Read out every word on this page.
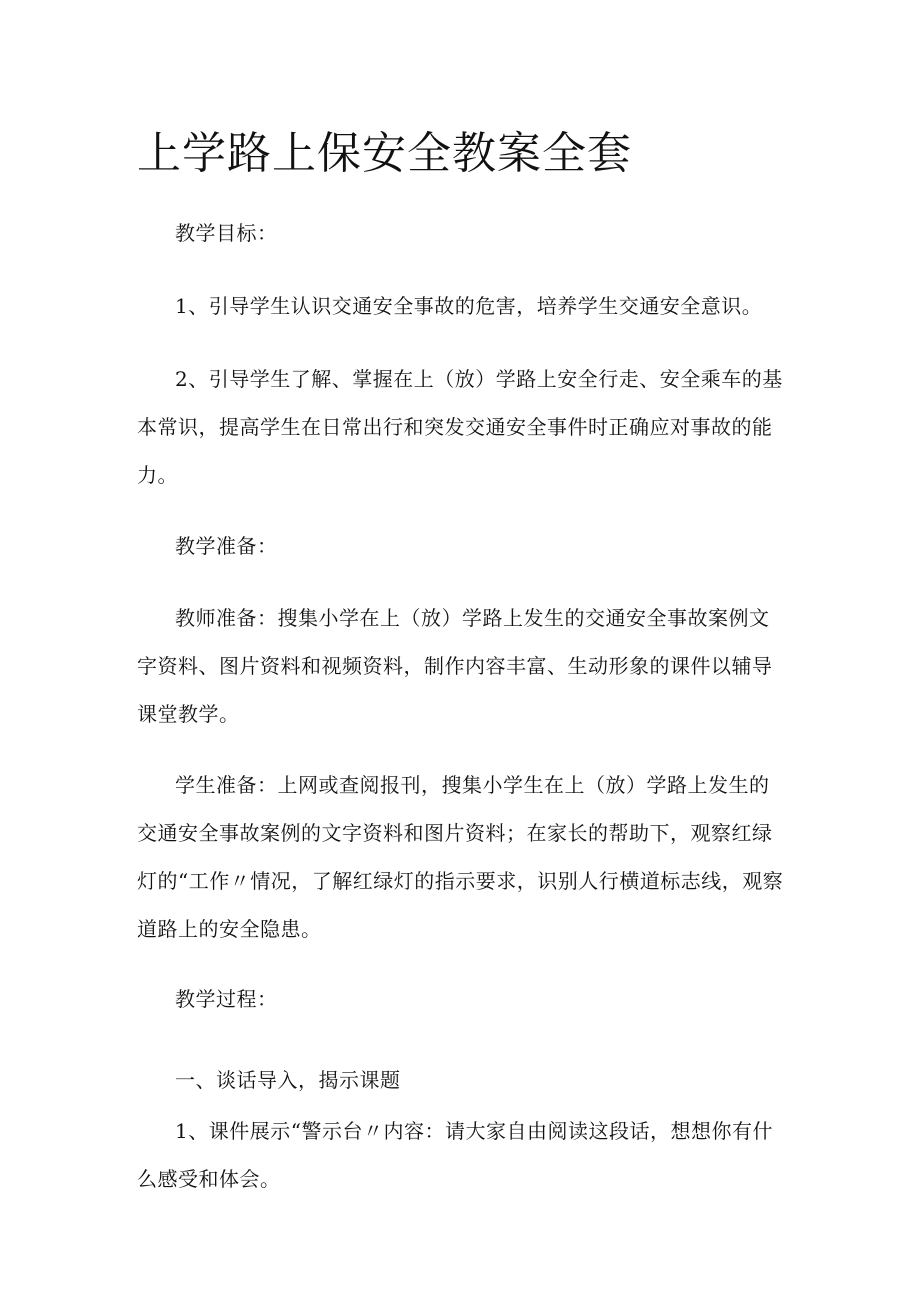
上学路上保安全教案全套

教学目标：

1、引导学生认识交通安全事故的危害，培养学生交通安全意识。

2、引导学生了解、掌握在上（放）学路上安全行走、安全乘车的基本常识，提高学生在日常出行和突发交通安全事件时正确应对事故的能力。

教学准备：

教师准备：搜集小学在上（放）学路上发生的交通安全事故案例文字资料、图片资料和视频资料，制作内容丰富、生动形象的课件以辅导课堂教学。

学生准备：上网或查阅报刊，搜集小学生在上（放）学路上发生的交通安全事故案例的文字资料和图片资料；在家长的帮助下，观察红绿灯的“工作〃情况，了解红绿灯的指示要求，识别人行横道标志线，观察道路上的安全隐患。

教学过程：

一、谈话导入，揭示课题

1、课件展示“警示台〃内容：请大家自由阅读这段话，想想你有什么感受和体会。
